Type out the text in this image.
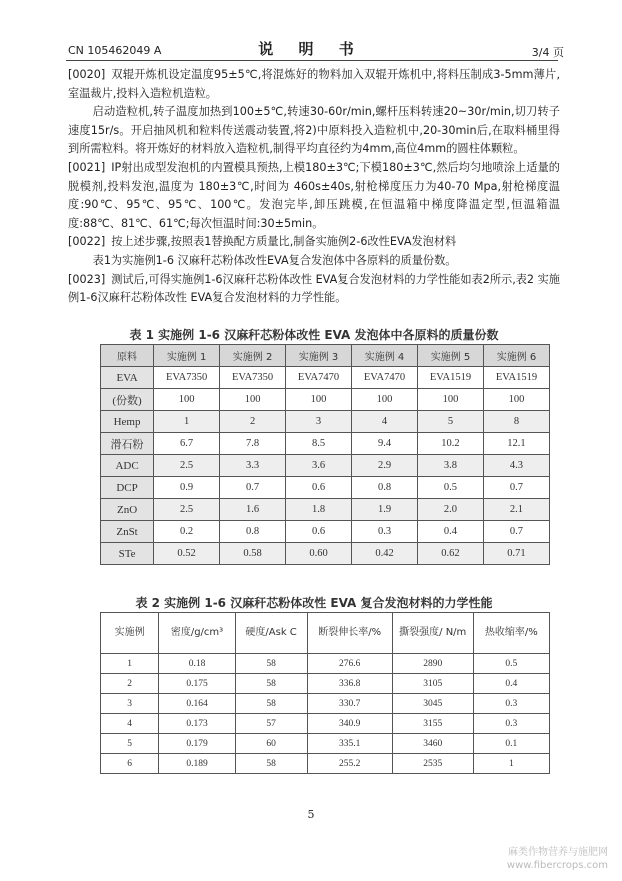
CN 105462049 A	说 明 书	3/4 页

[0020] 双辊开炼机设定温度95±5℃,将混炼好的物料加入双辊开炼机中,将料压制成3-5mm薄片,室温裁片,投料入造粒机造粒。

启动造粒机,转子温度加热到100±5℃,转速30-60r/min,螺杆压料转速20~30r/min,切刀转子速度15r/s。开启抽风机和粒料传送震动装置,将2)中原料投入造粒机中,20-30min后,在取料桶里得到所需粒料。将开炼好的材料放入造粒机,制得平均直径约为4mm,高位4mm的圆柱体颗粒。

[0021] IP射出成型发泡机的内置模具预热,上模180±3℃;下模180±3℃,然后均匀地喷涂上适量的脱模剂,投料发泡,温度为 180±3℃,时间为 460s±40s,射枪梯度压力为40-70 Mpa,射枪梯度温度:90℃、95℃、95℃、100℃。发泡完毕,卸压跳模,在恒温箱中梯度降温定型,恒温箱温度:88℃、81℃、61℃;每次恒温时间:30±5min。

[0022] 按上述步骤,按照表1替换配方质量比,制备实施例2-6改性EVA发泡材料

表1为实施例1-6 汉麻秆芯粉体改性EVA复合发泡体中各原料的质量份数。

[0023] 测试后,可得实施例1-6汉麻秆芯粉体改性 EVA复合发泡材料的力学性能如表2所示,表2 实施例1-6汉麻秆芯粉体改性 EVA复合发泡材料的力学性能。

表 1 实施例 1-6 汉麻秆芯粉体改性 EVA 发泡体中各原料的质量份数
原料	实施例 1	实施例 2	实施例 3	实施例 4	实施例 5	实施例 6
EVA	EVA7350	EVA7350	EVA7470	EVA7470	EVA1519	EVA1519
(份数)	100	100	100	100	100	100
Hemp	1	2	3	4	5	8
滑石粉	6.7	7.8	8.5	9.4	10.2	12.1
ADC	2.5	3.3	3.6	2.9	3.8	4.3
DCP	0.9	0.7	0.6	0.8	0.5	0.7
ZnO	2.5	1.6	1.8	1.9	2.0	2.1
ZnSt	0.2	0.8	0.6	0.3	0.4	0.7
STe	0.52	0.58	0.60	0.42	0.62	0.71
表 2 实施例 1-6 汉麻秆芯粉体改性 EVA 复合发泡材料的力学性能
实施例	密度/g/cm³	硬度/Ask C	断裂伸长率/%	撕裂强度/ N/m	热收缩率/%
1	0.18	58	276.6	2890	0.5
2	0.175	58	336.8	3105	0.4
3	0.164	58	330.7	3045	0.3
4	0.173	57	340.9	3155	0.3
5	0.179	60	335.1	3460	0.1
6	0.189	58	255.2	2535	1
5
麻类作物营养与施肥网
www.fibercrops.com
